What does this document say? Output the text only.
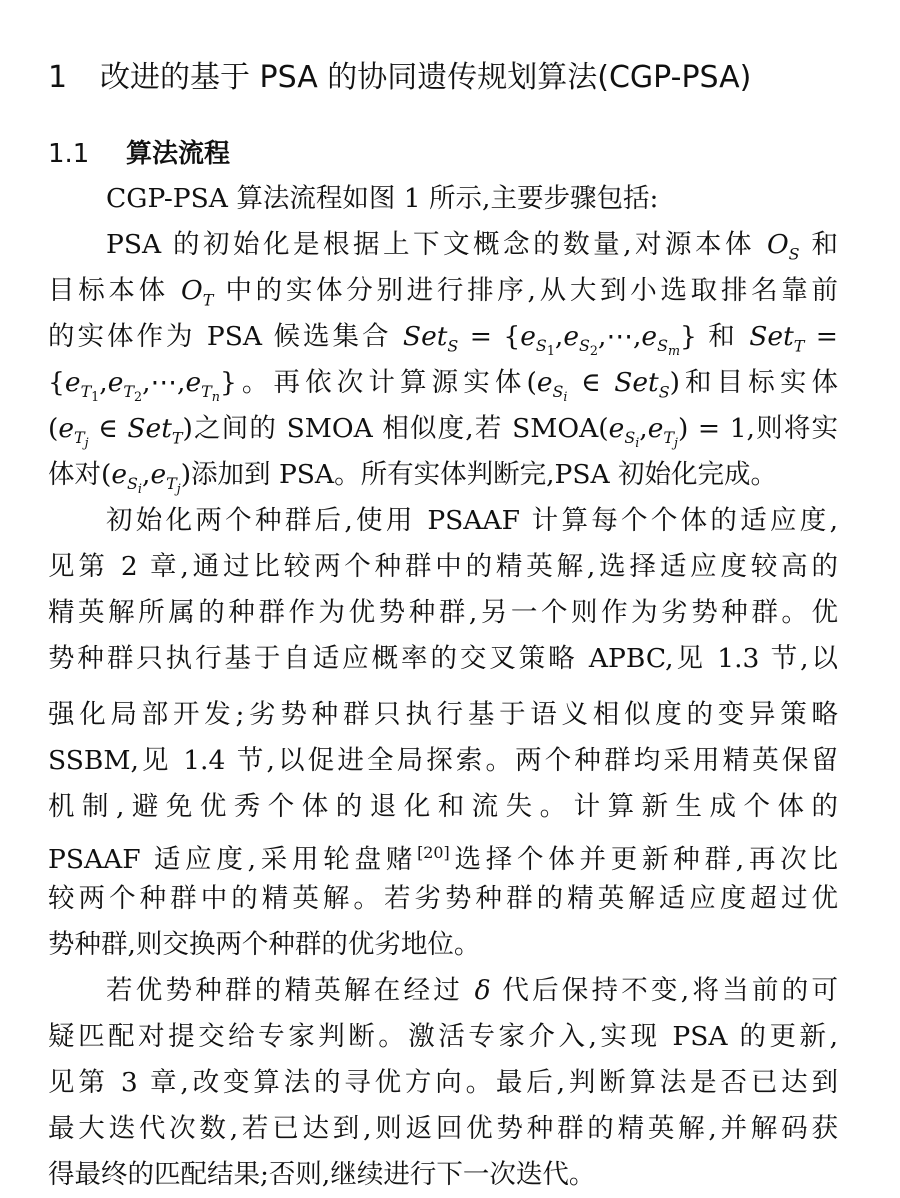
1 改进的基于 PSA 的协同遗传规划算法(CGP-PSA)
1.1 算法流程
CGP-PSA 算法流程如图 1 所示,主要步骤包括:
PSA 的初始化是根据上下文概念的数量,对源本体 $O_S$ 和
目标本体 $O_T$ 中的实体分别进行排序,从大到小选取排名靠前
的实体作为 PSA 候选集合 $Set_S = \{e_{S_1},e_{S_2},\cdots,e_{S_m}\}$ 和 Set$_T$ =
$\{e_{T_1},e_{T_2},\cdots,e_{T_n}\}$。再依次计算源实体($e_{S_i}$ ∈ Set$_S$)和目标实体
($e_{T_j}$ ∈ Set$_T$)之间的 SMOA 相似度,若 $SMOA(e_{S_i},e_{T_j}) = 1$,则将实
体对$(e_{S_i},e_{T_j})$添加到 PSA。所有实体判断完,PSA 初始化完成。
初始化两个种群后,使用 PSAAF 计算每个个体的适应度,
见第 2 章,通过比较两个种群中的精英解,选择适应度较高的
精英解所属的种群作为优势种群,另一个则作为劣势种群。优
势种群只执行基于自适应概率的交叉策略 APBC,见 1.3 节,以
强化局部开发;劣势种群只执行基于语义相似度的变异策略
SSBM,见 1.4 节,以促进全局探索。两个种群均采用精英保留
机制,避免优秀个体的退化和流失。计算新生成个体的
PSAAF 适应度,采用轮盘赌[20]选择个体并更新种群,再次比
较两个种群中的精英解。若劣势种群的精英解适应度超过优
势种群,则交换两个种群的优劣地位。
若优势种群的精英解在经过 δ 代后保持不变,将当前的可
疑匹配对提交给专家判断。激活专家介入,实现 PSA 的更新,
见第 3 章,改变算法的寻优方向。最后,判断算法是否已达到
最大迭代次数,若已达到,则返回优势种群的精英解,并解码获
得最终的匹配结果;否则,继续进行下一次迭代。
